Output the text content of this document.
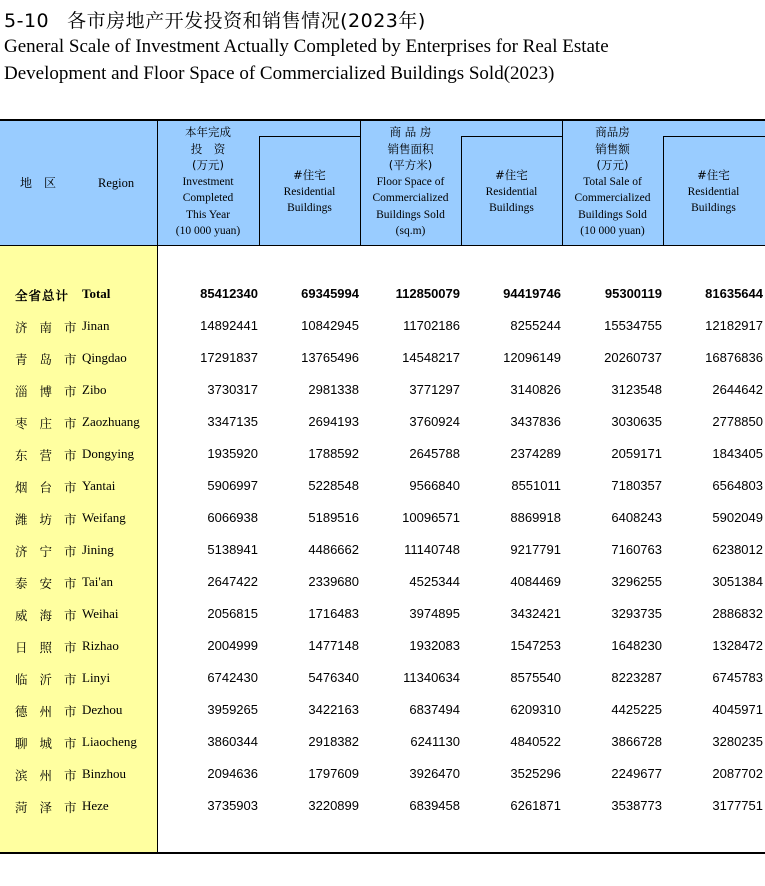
5-10 各市房地产开发投资和销售情况(2023年)
General Scale of Investment Actually Completed by Enterprises for Real Estate
Development and Floor Space of Commercialized Buildings Sold(2023)
地　区	Region
本年完成
投　资
(万元)
Investment
Completed
This Year
(10 000 yuan)
#住宅
Residential
Buildings
商 品 房
销售面积
(平方米)
Floor Space of
Commercialized
Buildings Sold
(sq.m)
#住宅
Residential
Buildings
商品房
销售额
(万元)
Total Sale of
Commercialized
Buildings Sold
(10 000 yuan)
#住宅
Residential
Buildings
全省总计 Total	85412340	69345994	112850079	94419746	95300119	81635644
济 南 市 Jinan	14892441	10842945	11702186	8255244	15534755	12182917
青 岛 市 Qingdao	17291837	13765496	14548217	12096149	20260737	16876836
淄 博 市 Zibo	3730317	2981338	3771297	3140826	3123548	2644642
枣 庄 市 Zaozhuang	3347135	2694193	3760924	3437836	3030635	2778850
东 营 市 Dongying	1935920	1788592	2645788	2374289	2059171	1843405
烟 台 市 Yantai	5906997	5228548	9566840	8551011	7180357	6564803
潍 坊 市 Weifang	6066938	5189516	10096571	8869918	6408243	5902049
济 宁 市 Jining	5138941	4486662	11140748	9217791	7160763	6238012
泰 安 市 Tai'an	2647422	2339680	4525344	4084469	3296255	3051384
威 海 市 Weihai	2056815	1716483	3974895	3432421	3293735	2886832
日 照 市 Rizhao	2004999	1477148	1932083	1547253	1648230	1328472
临 沂 市 Linyi	6742430	5476340	11340634	8575540	8223287	6745783
德 州 市 Dezhou	3959265	3422163	6837494	6209310	4425225	4045971
聊 城 市 Liaocheng	3860344	2918382	6241130	4840522	3866728	3280235
滨 州 市 Binzhou	2094636	1797609	3926470	3525296	2249677	2087702
菏 泽 市 Heze	3735903	3220899	6839458	6261871	3538773	3177751
